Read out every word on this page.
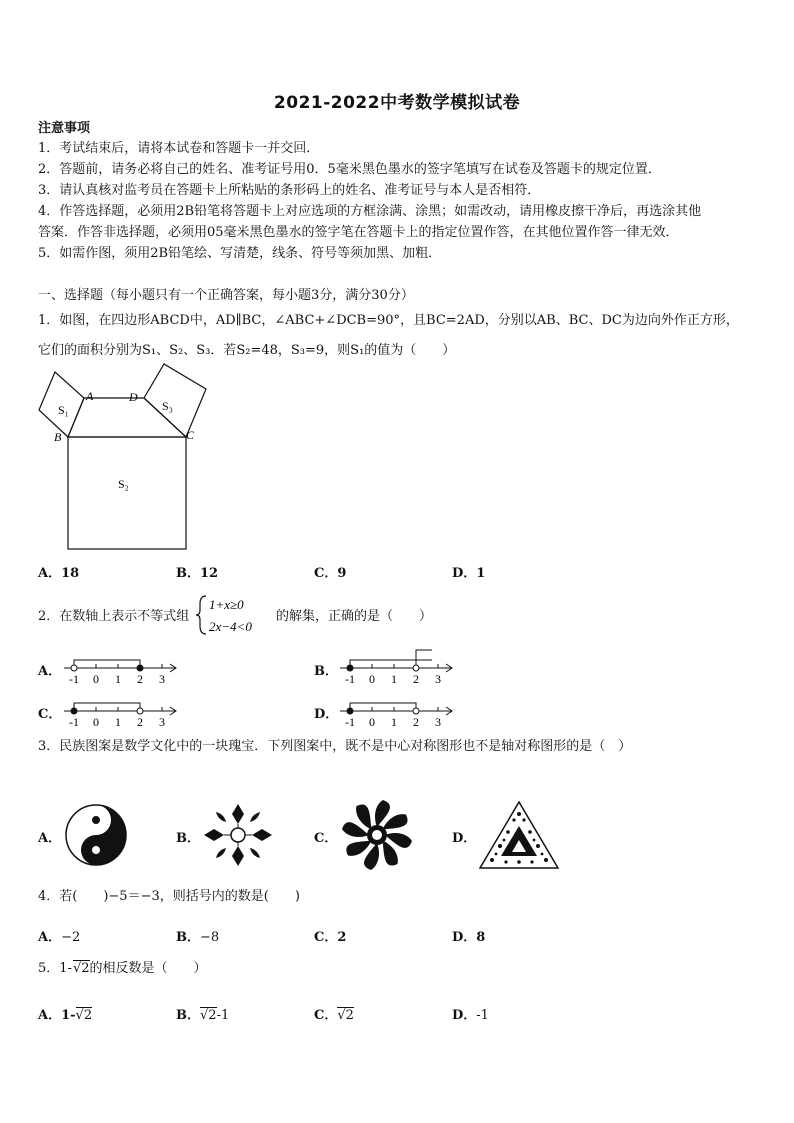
2021-2022中考数学模拟试卷
注意事项
1．考试结束后，请将本试卷和答题卡一并交回．
2．答题前，请务必将自己的姓名、准考证号用0．5毫米黑色墨水的签字笔填写在试卷及答题卡的规定位置．
3．请认真核对监考员在答题卡上所粘贴的条形码上的姓名、准考证号与本人是否相符．
4．作答选择题，必须用2B铅笔将答题卡上对应选项的方框涂满、涂黑；如需改动，请用橡皮擦干净后，再选涂其他
答案．作答非选择题，必须用05毫米黑色墨水的签字笔在答题卡上的指定位置作答，在其他位置作答一律无效．
5．如需作图，须用2B铅笔绘、写清楚，线条、符号等须加黑、加粗．
一、选择题（每小题只有一个正确答案，每小题3分，满分30分）
1．如图，在四边形ABCD中，AD∥BC，∠ABC+∠DCB=90°，且BC=2AD，分别以AB、BC、DC为边向外作正方形，
它们的面积分别为S₁、S₂、S₃．若S₂=48，S₃=9，则S₁的值为（　　）
A
B	C
D
S₁	S₃
S₂
A．18	B．12	C．9	D．1
2．在数轴上表示不等式组
1+x≥0
2x−4<0
的解集，正确的是（　　）
A． -1 0 1 2 3	B． -1 0 1 2 3
C． -1 0 1 2 3	D． -1 0 1 2 3
3．民族图案是数学文化中的一块瑰宝．下列图案中，既不是中心对称图形也不是轴对称图形的是（　）
A．	B．	C．	D．
4．若(　　)−5＝−3，则括号内的数是(　　)
A．−2	B．−8	C．2	D．8
5．1-√2的相反数是（　　）
A．1-√2	B．√2-1	C．√2	D．-1
